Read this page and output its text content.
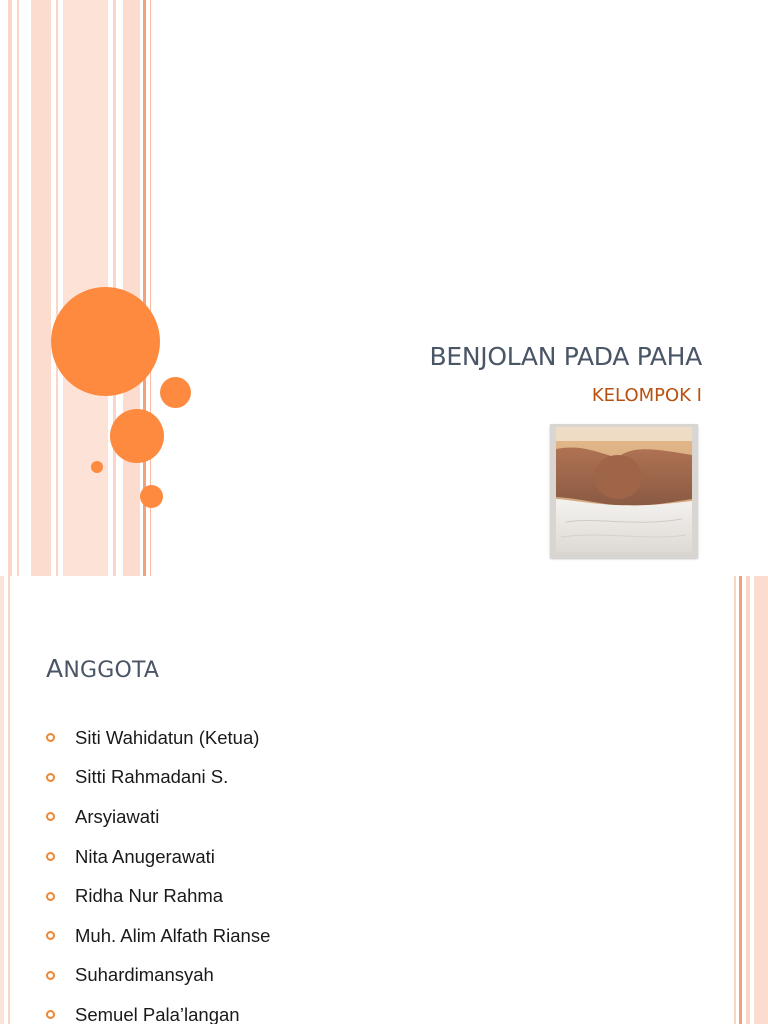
BENJOLAN PADA PAHA
KELOMPOK I
ANGGOTA
Siti Wahidatun (Ketua)
Sitti Rahmadani S.
Arsyiawati
Nita Anugerawati
Ridha Nur Rahma
Muh. Alim Alfath Rianse
Suhardimansyah
Semuel Pala’langan
